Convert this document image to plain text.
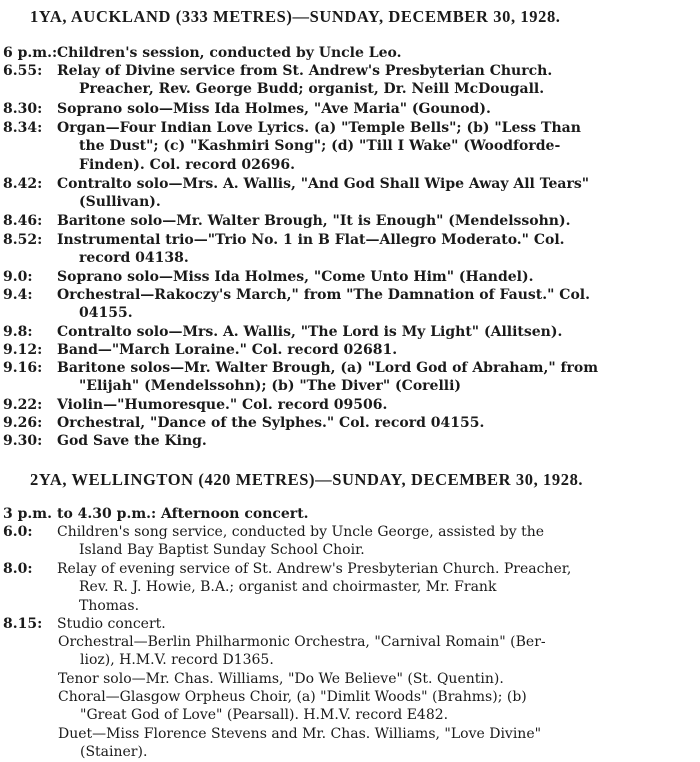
1YA, AUCKLAND (333 METRES)—SUNDAY, DECEMBER 30, 1928.
6 p.m.: Children's session, conducted by Uncle Leo.
6.55:	Relay of Divine service from St. Andrew's Presbyterian Church.
Preacher, Rev. George Budd; organist, Dr. Neill McDougall.
8.30:	Soprano solo—Miss Ida Holmes, "Ave Maria" (Gounod).
8.34:	Organ—Four Indian Love Lyrics. (a) "Temple Bells"; (b) "Less Than
the Dust"; (c) "Kashmiri Song"; (d) "Till I Wake" (Woodforde-
Finden). Col. record 02696.
8.42:	Contralto solo—Mrs. A. Wallis, "And God Shall Wipe Away All Tears"
(Sullivan).
8.46:	Baritone solo—Mr. Walter Brough, "It is Enough" (Mendelssohn).
8.52:	Instrumental trio—"Trio No. 1 in B Flat—Allegro Moderato." Col.
record 04138.
9.0:	Soprano solo—Miss Ida Holmes, "Come Unto Him" (Handel).
9.4:	Orchestral—Rakoczy's March," from "The Damnation of Faust." Col.
04155.
9.8:	Contralto solo—Mrs. A. Wallis, "The Lord is My Light" (Allitsen).
9.12:	Band—"March Loraine." Col. record 02681.
9.16:	Baritone solos—Mr. Walter Brough, (a) "Lord God of Abraham," from
"Elijah" (Mendelssohn); (b) "The Diver" (Corelli)
9.22:	Violin—"Humoresque." Col. record 09506.
9.26:	Orchestral, "Dance of the Sylphes." Col. record 04155.
9.30:	God Save the King.
2YA, WELLINGTON (420 METRES)—SUNDAY, DECEMBER 30, 1928.
3 p.m. to 4.30 p.m.: Afternoon concert.
6.0:	Children's song service, conducted by Uncle George, assisted by the
Island Bay Baptist Sunday School Choir.
8.0:	Relay of evening service of St. Andrew's Presbyterian Church. Preacher,
Rev. R. J. Howie, B.A.; organist and choirmaster, Mr. Frank
Thomas.
8.15:	Studio concert.
Orchestral—Berlin Philharmonic Orchestra, "Carnival Romain" (Ber-
lioz), H.M.V. record D1365.
Tenor solo—Mr. Chas. Williams, "Do We Believe" (St. Quentin).
Choral—Glasgow Orpheus Choir, (a) "Dimlit Woods" (Brahms); (b)
"Great God of Love" (Pearsall). H.M.V. record E482.
Duet—Miss Florence Stevens and Mr. Chas. Williams, "Love Divine"
(Stainer).
